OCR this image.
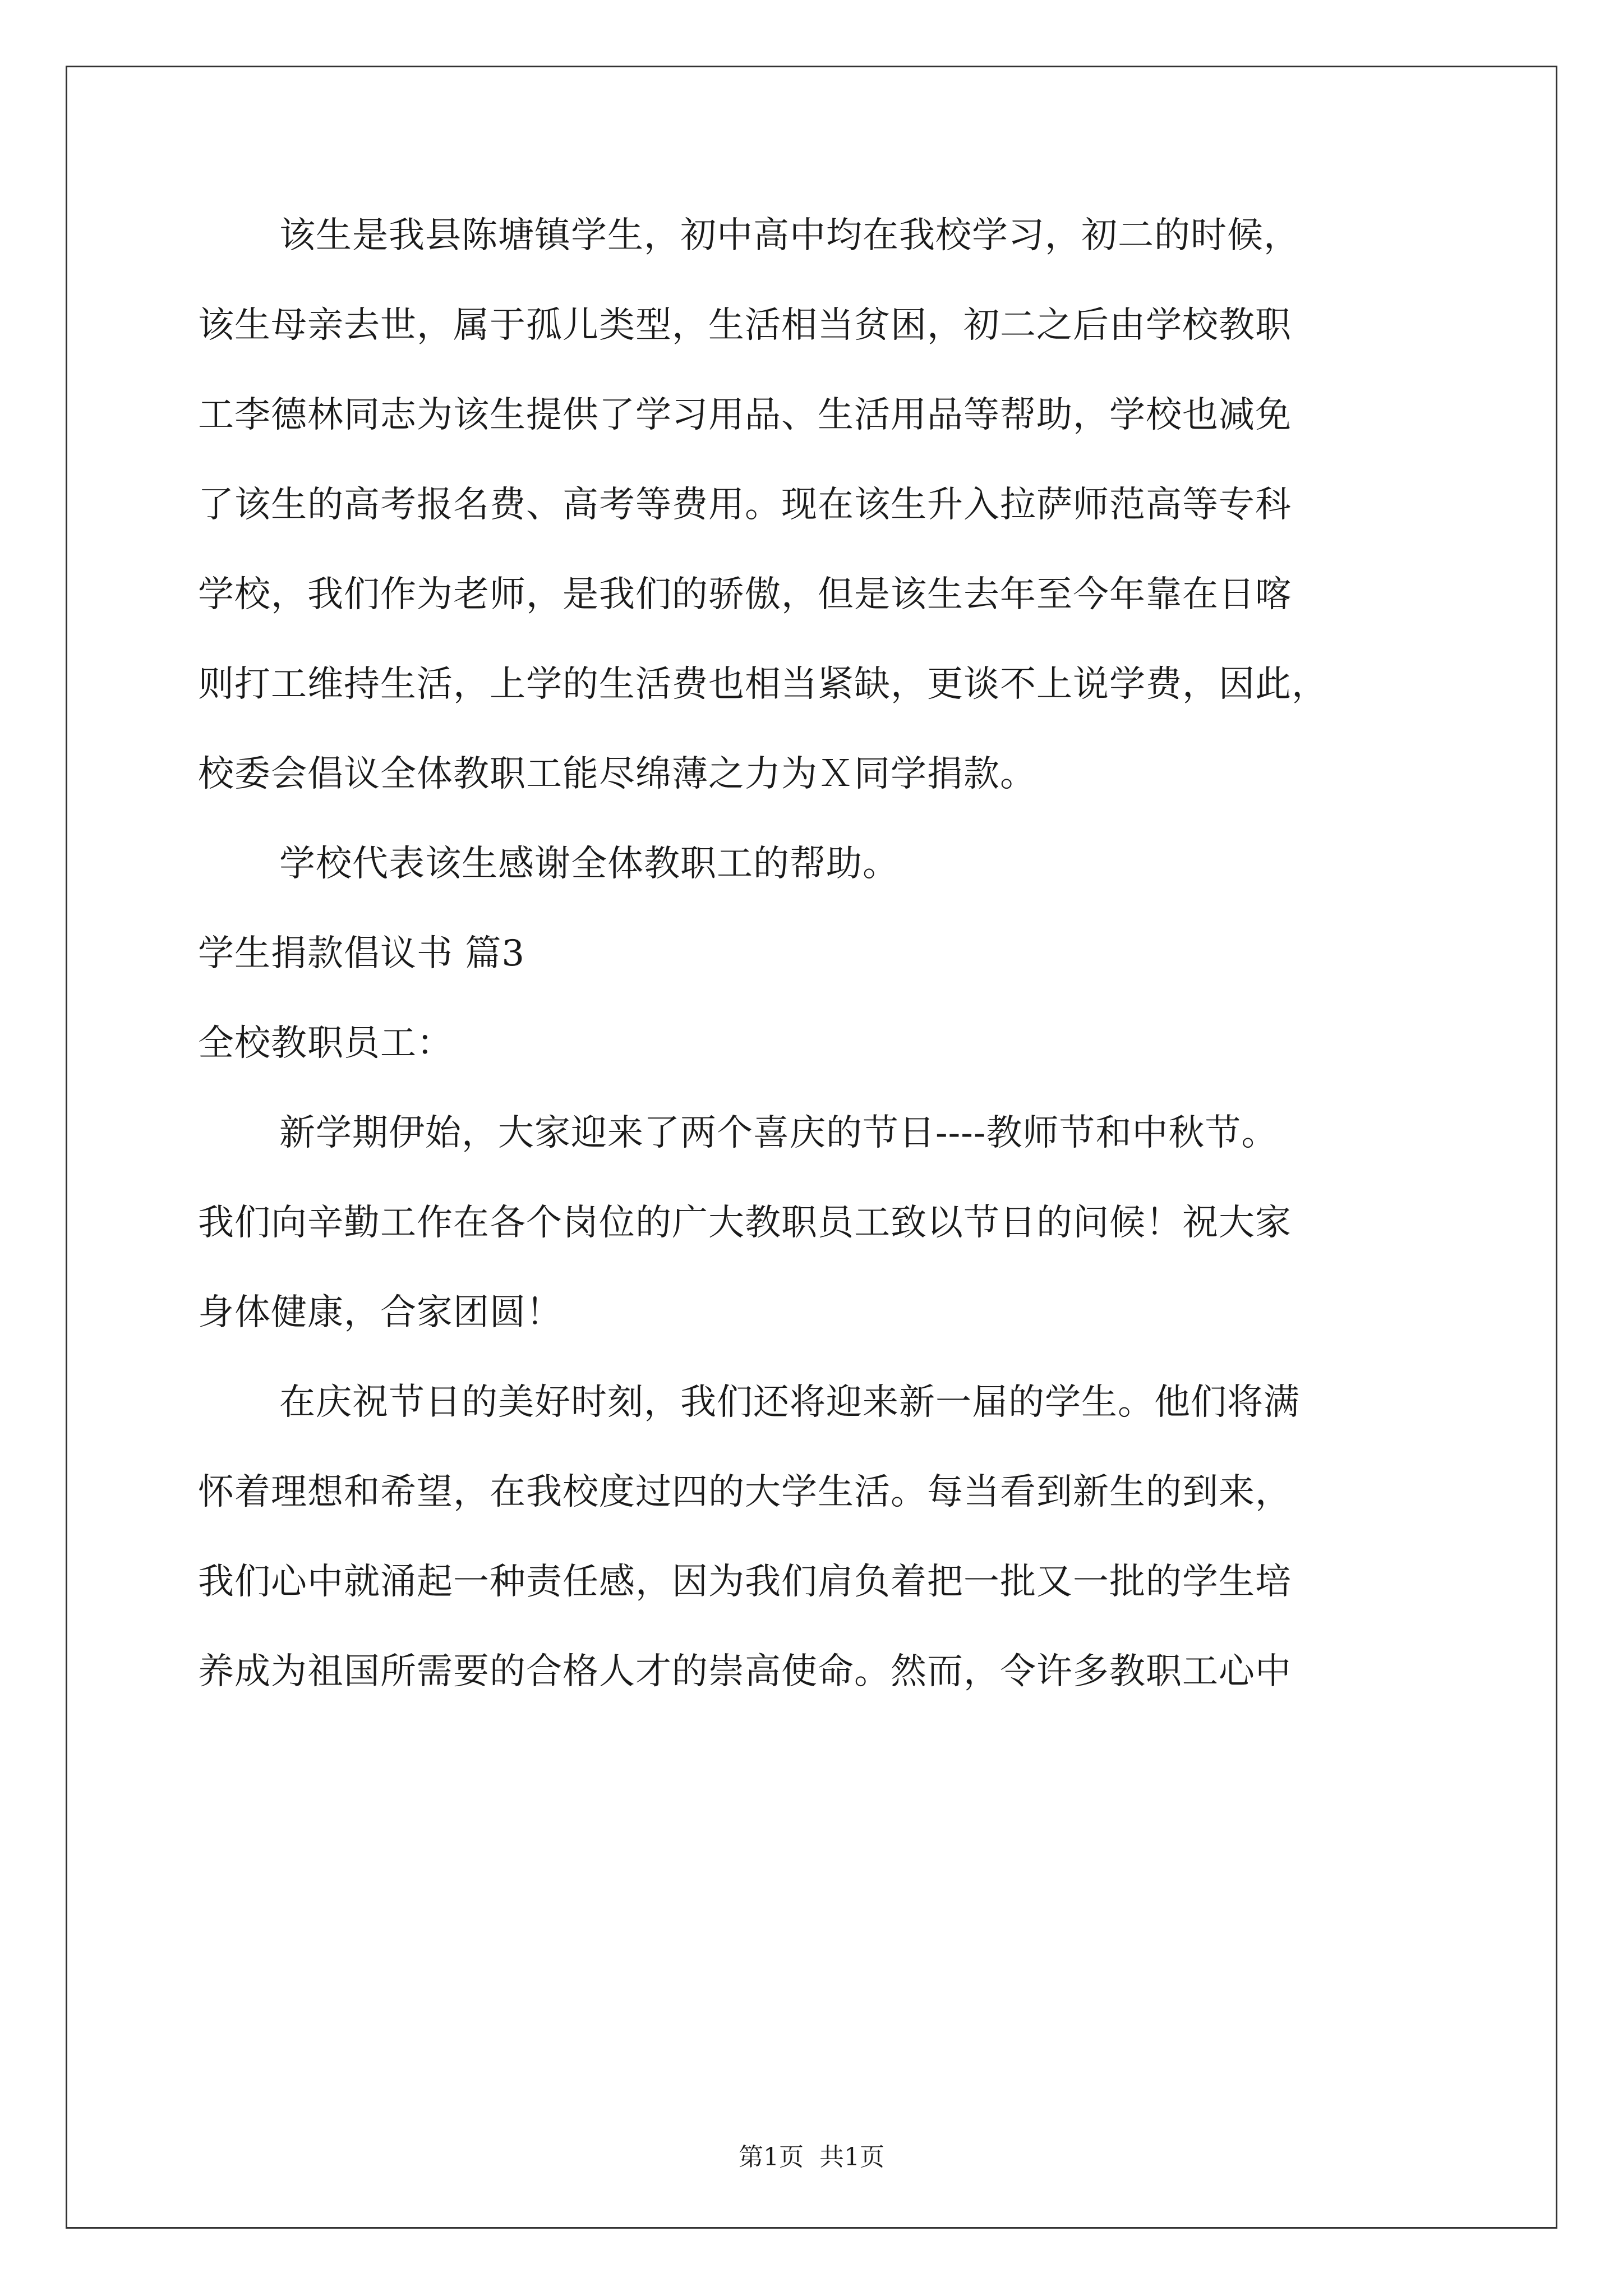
该生是我县陈塘镇学生，初中高中均在我校学习，初二的时候，
该生母亲去世，属于孤儿类型，生活相当贫困，初二之后由学校教职
工李德林同志为该生提供了学习用品、生活用品等帮助，学校也减免
了该生的高考报名费、高考等费用。现在该生升入拉萨师范高等专科
学校，我们作为老师，是我们的骄傲，但是该生去年至今年靠在日喀
则打工维持生活，上学的生活费也相当紧缺，更谈不上说学费，因此，
校委会倡议全体教职工能尽绵薄之力为Ｘ同学捐款。
学校代表该生感谢全体教职工的帮助。
学生捐款倡议书 篇3
全校教职员工：
新学期伊始，大家迎来了两个喜庆的节日----教师节和中秋节。
我们向辛勤工作在各个岗位的广大教职员工致以节日的问候！祝大家
身体健康，合家团圆！
在庆祝节日的美好时刻，我们还将迎来新一届的学生。他们将满
怀着理想和希望，在我校度过四的大学生活。每当看到新生的到来，
我们心中就涌起一种责任感，因为我们肩负着把一批又一批的学生培
养成为祖国所需要的合格人才的崇高使命。然而，令许多教职工心中
第1页  共1页
